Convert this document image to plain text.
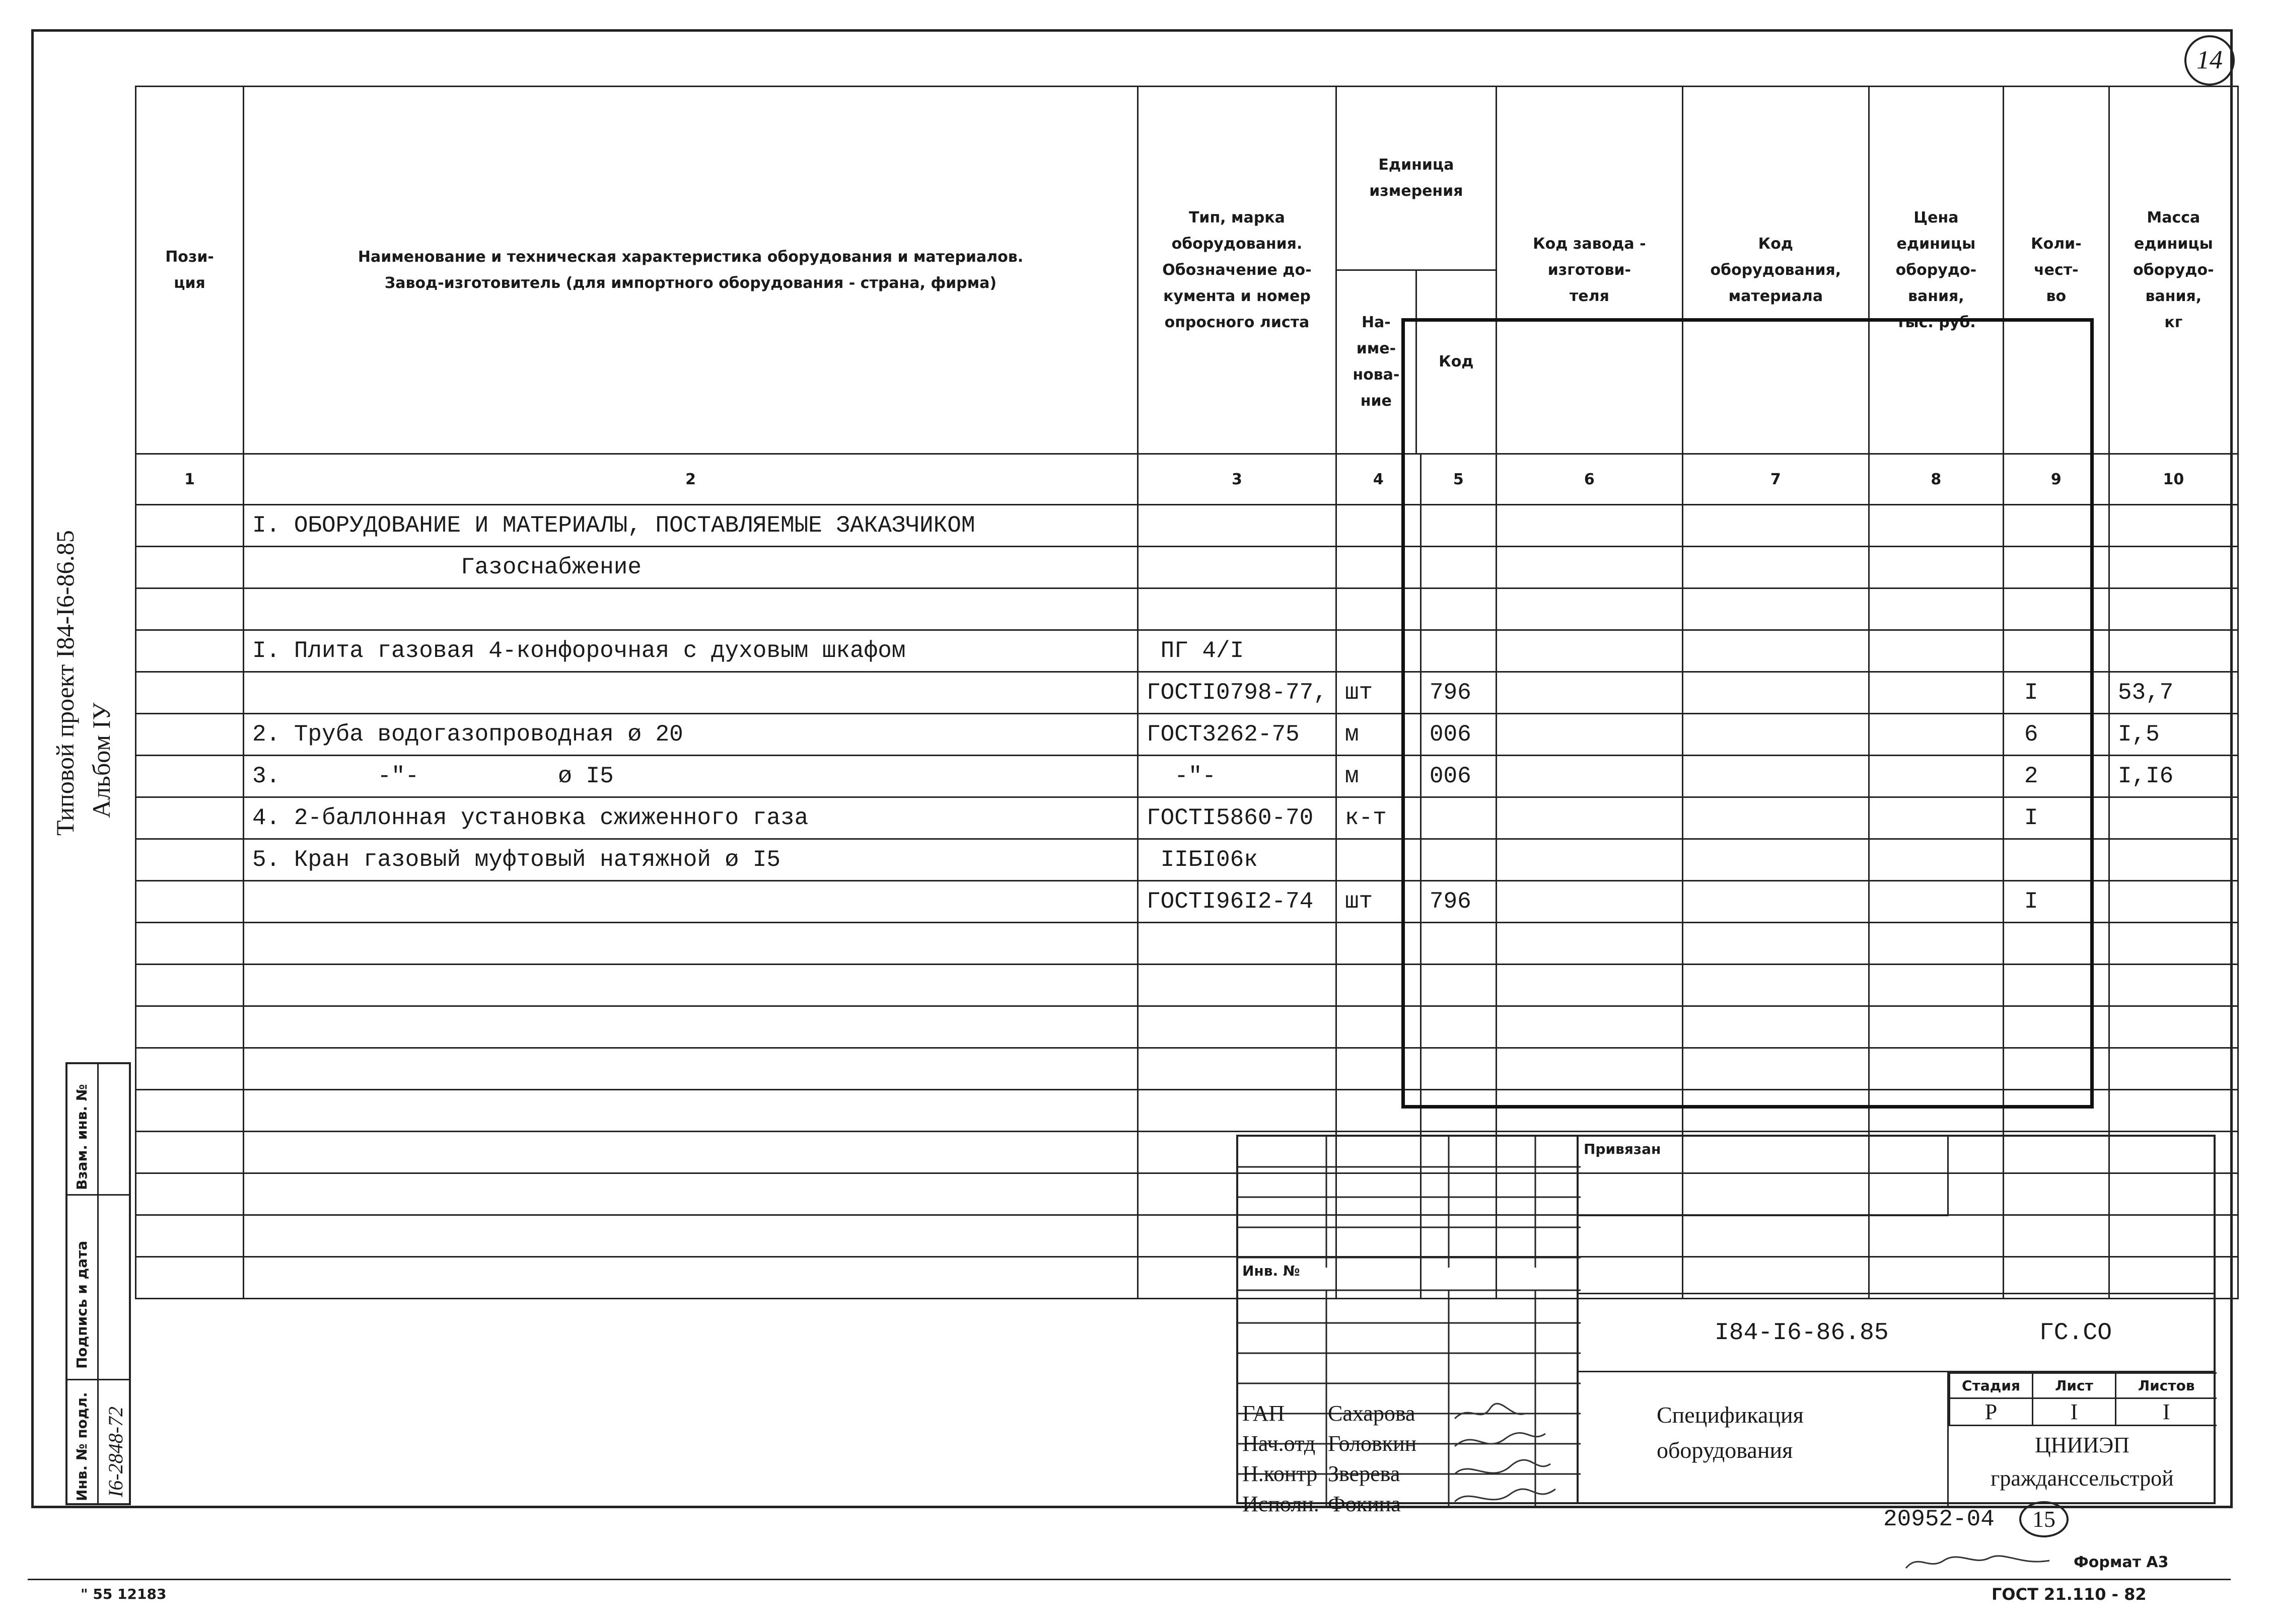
14
Пози-
ция	Наименование и техническая характеристика оборудования и материалов.
Завод-изготовитель (для импортного оборудования - страна, фирма)	Тип, марка
оборудования.
Обозначение до-
кумента и номер
опросного листа	
Единица
измерения
На-
име-
нова-
ние	Код
	Код завода -
изготови-
теля	Код
оборудования,
материала	Цена
единицы
оборудо-
вания,
тыс. руб.	Коли-
чест-
во	Масса
единицы
оборудо-
вания,
кг
1	2	3	4	5	6	7	8	9	10
	I. ОБОРУДОВАНИЕ И МАТЕРИАЛЫ, ПОСТАВЛЯЕМЫЕ ЗАКАЗЧИКОМ								
	Газоснабжение								

	I. Плита газовая 4-конфорочная с духовым шкафом	ПГ 4/I							
		ГОСТI0798-77,	шт	796				I	53,7
	2. Труба водогазопроводная ø 20	ГОСТ3262-75	м	006				6	I,5
	3.       -"-          ø I5	-"-	м	006				2	I,I6
	4. 2-баллонная установка сжиженного газа	ГОСТI5860-70	к-т					I	
	5. Кран газовый муфтовый натяжной ø I5	IIБI06к							
		ГОСТI96I2-74	шт	796				I	

Типовой проект I84-I6-86.85 Альбом IУ
Взам. инв. №
Подпись и дата
Инв. № подл. I6-2848-72
Инв. №
ГАП Сахарова
Нач.отд Головкин
Н.контр Зверева
Исполн. Фокина
Привязан
I84-I6-86.85	ГС.СО
Спецификация
оборудования
Стадия	Лист	Листов
Р	I	I
ЦНИИЭП
гражданссельстрой
20952-04	15
Формат А3
ГОСТ 21.110 - 82
" 55 12183
